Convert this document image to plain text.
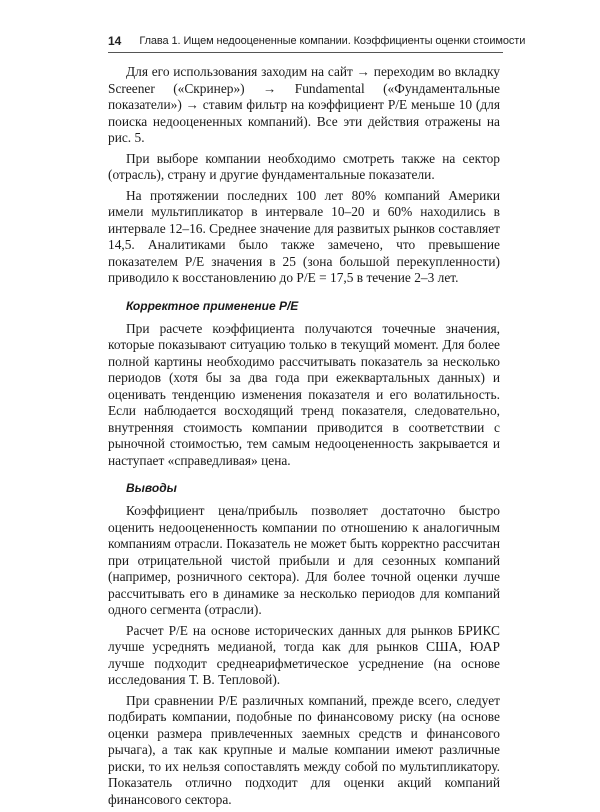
14 Глава 1. Ищем недооцененные компании. Коэффициенты оценки стоимости

Для его использования заходим на сайт → переходим во вкладку Screener («Скринер») → Fundamental («Фундаментальные показатели») → ставим фильтр на коэффициент P/E меньше 10 (для поиска недооцененных компаний). Все эти действия отражены на рис. 5.

При выборе компании необходимо смотреть также на сектор (отрасль), страну и другие фундаментальные показатели.

На протяжении последних 100 лет 80% компаний Америки имели мультипликатор в интервале 10–20 и 60% находились в интервале 12–16. Среднее значение для развитых рынков составляет 14,5. Аналитиками было также замечено, что превышение показателем P/E значения в 25 (зона большой перекупленности) приводило к восстановлению до P/E = 17,5 в течение 2–3 лет.

Корректное применение P/E

При расчете коэффициента получаются точечные значения, которые показывают ситуацию только в текущий момент. Для более полной картины необходимо рассчитывать показатель за несколько периодов (хотя бы за два года при ежеквартальных данных) и оценивать тенденцию изменения показателя и его волатильность. Если наблюдается восходящий тренд показателя, следовательно, внутренняя стоимость компании приводится в соответствии с рыночной стоимостью, тем самым недооцененность закрывается и наступает «справедливая» цена.

Выводы

Коэффициент цена/прибыль позволяет достаточно быстро оценить недооцененность компании по отношению к аналогичным компаниям отрасли. Показатель не может быть корректно рассчитан при отрицательной чистой прибыли и для сезонных компаний (например, розничного сектора). Для более точной оценки лучше рассчитывать его в динамике за несколько периодов для компаний одного сегмента (отрасли).

Расчет P/E на основе исторических данных для рынков БРИКС лучше усреднять медианой, тогда как для рынков США, ЮАР лучше подходит среднеарифметическое усреднение (на основе исследования Т. В. Тепловой).

При сравнении P/E различных компаний, прежде всего, следует подбирать компании, подобные по финансовому риску (на основе оценки размера привлеченных заемных средств и финансового рычага), а так как крупные и малые компании имеют различные риски, то их нельзя сопоставлять между собой по мультипликатору. Показатель отлично подходит для оценки акций компаний финансового сектора.
